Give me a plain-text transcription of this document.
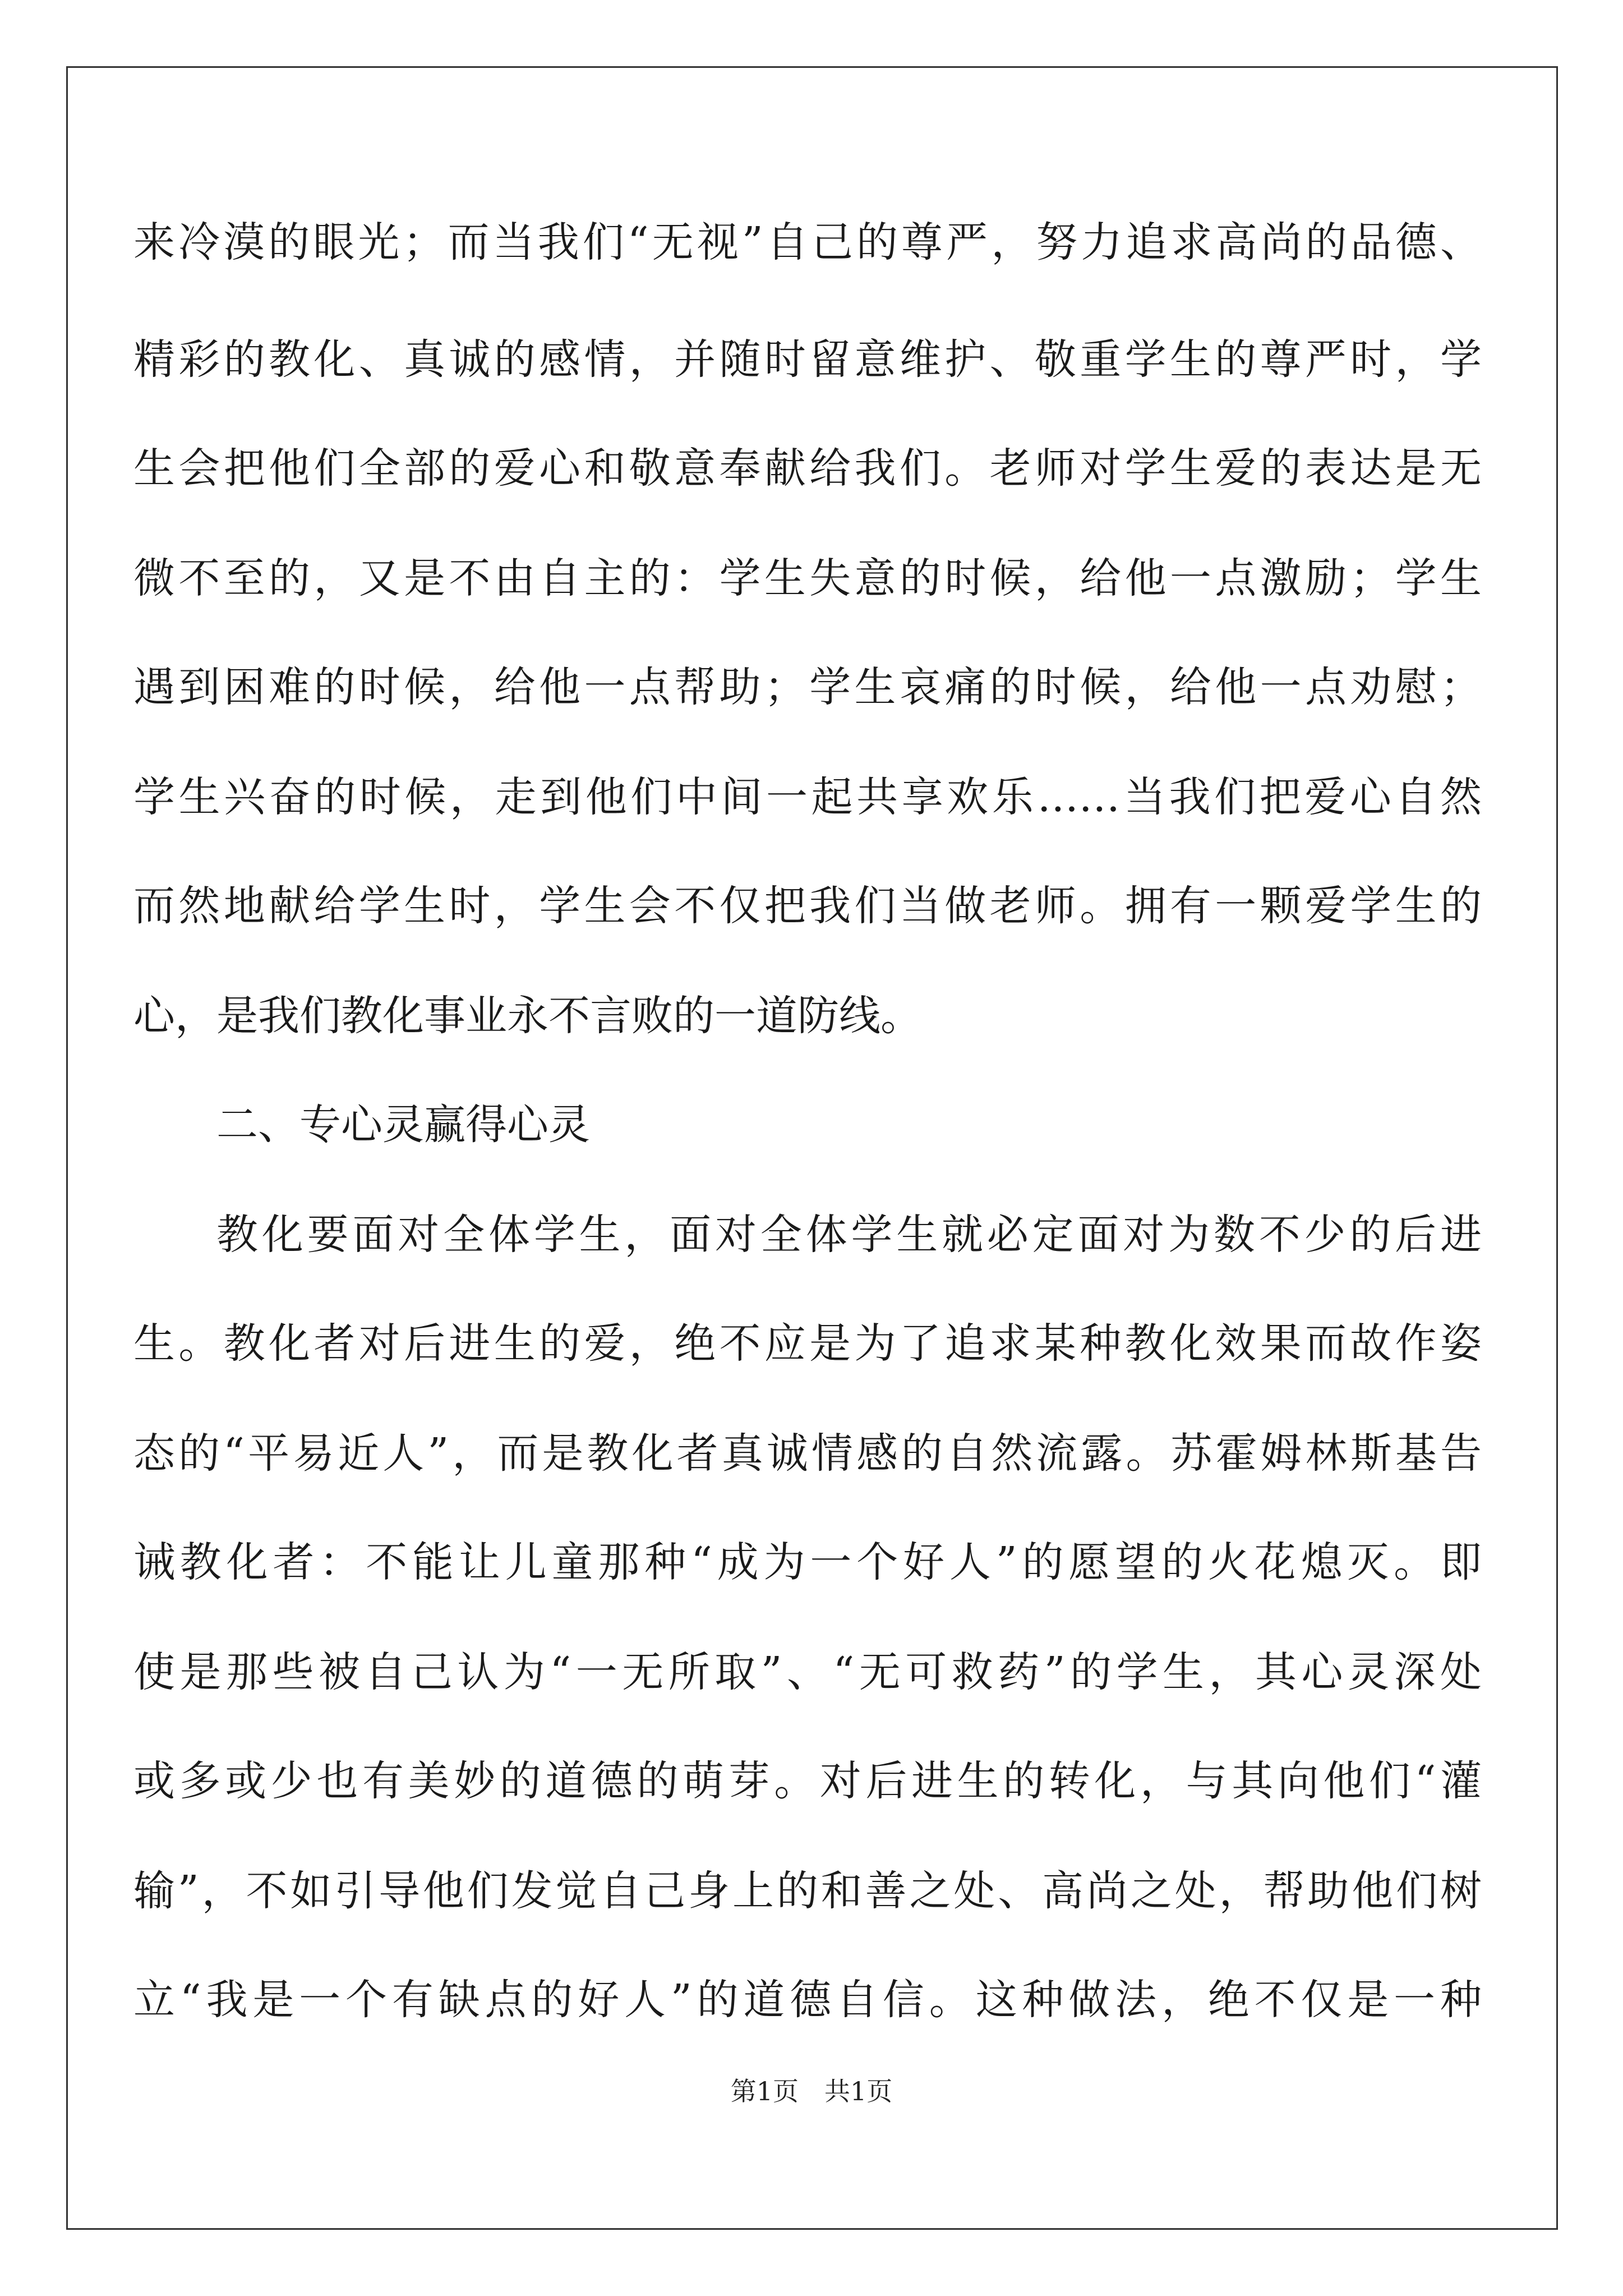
来冷漠的眼光；而当我们“无视”自己的尊严，努力追求高尚的品德、
精彩的教化、真诚的感情，并随时留意维护、敬重学生的尊严时，学
生会把他们全部的爱心和敬意奉献给我们。老师对学生爱的表达是无
微不至的，又是不由自主的：学生失意的时候，给他一点激励；学生
遇到困难的时候，给他一点帮助；学生哀痛的时候，给他一点劝慰；
学生兴奋的时候，走到他们中间一起共享欢乐……当我们把爱心自然
而然地献给学生时，学生会不仅把我们当做老师。拥有一颗爱学生的
心，是我们教化事业永不言败的一道防线。
二、专心灵赢得心灵
教化要面对全体学生，面对全体学生就必定面对为数不少的后进
生。教化者对后进生的爱，绝不应是为了追求某种教化效果而故作姿
态的“平易近人”，而是教化者真诚情感的自然流露。苏霍姆林斯基告
诫教化者：不能让儿童那种“成为一个好人”的愿望的火花熄灭。即
使是那些被自己认为“一无所取”、“无可救药”的学生，其心灵深处
或多或少也有美妙的道德的萌芽。对后进生的转化，与其向他们“灌
输”，不如引导他们发觉自己身上的和善之处、高尚之处，帮助他们树
立“我是一个有缺点的好人”的道德自信。这种做法，绝不仅是一种
第1页　共1页
